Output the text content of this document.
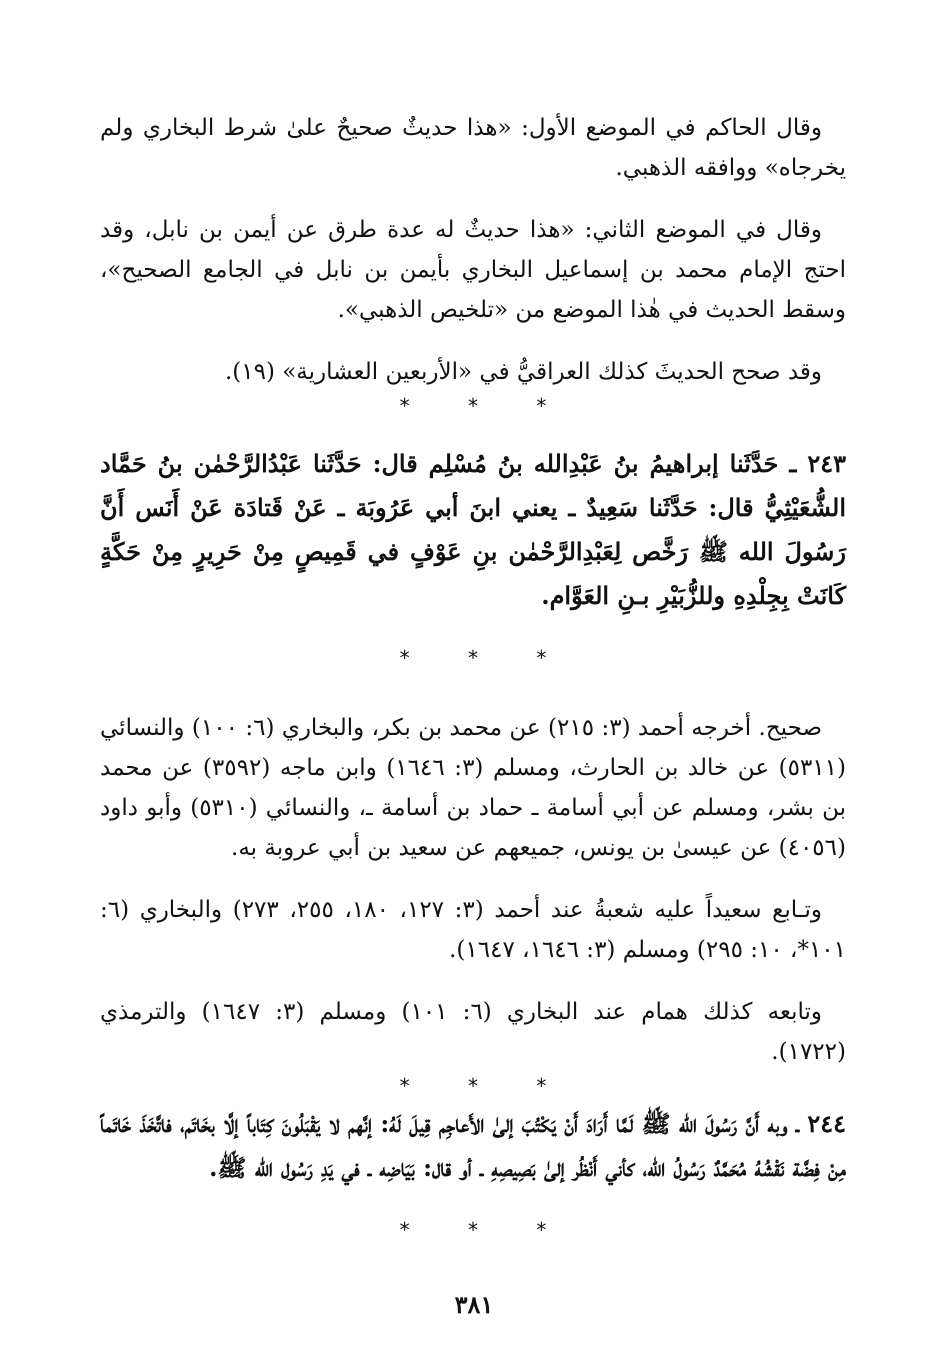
وقال الحاكم في الموضع الأول: «هذا حديثٌ صحيحٌ علىٰ شرط البخاري ولم يخرجاه» ووافقه الذهبي.

وقال في الموضع الثاني: «هذا حديثٌ له عدة طرق عن أيمن بن نابل، وقد احتج الإمام محمد بن إسماعيل البخاري بأيمن بن نابل في الجامع الصحيح»، وسقط الحديث في هٰذا الموضع من «تلخيص الذهبي».

وقد صحح الحديثَ كذلك العراقيُّ في «الأربعين العشارية» (١٩).

* * *

٢٤٣ ـ حَدَّثَنا إبراهيمُ بنُ عَبْدِالله بنُ مُسْلِم قال: حَدَّثَنا عَبْدُالرَّحْمٰن بنُ حَمَّاد الشُّعَيْثِيُّ قال: حَدَّثَنا سَعِيدٌ ـ يعني ابنَ أبي عَرُوبَة ـ عَنْ قَتادَة عَنْ أَنَس أَنَّ رَسُولَ الله ﷺ رَخَّص لِعَبْدِالرَّحْمٰن بنِ عَوْفٍ في قَمِيصٍ مِنْ حَرِيرٍ مِنْ حَكَّةٍ كَانَتْ بِجِلْدِهِ وللزُّبَيْرِ بـنِ العَوَّام.

* * *

صحيح. أخرجه أحمد (٣: ٢١٥) عن محمد بن بكر، والبخاري (٦: ١٠٠) والنسائي (٥٣١١) عن خالد بن الحارث، ومسلم (٣: ١٦٤٦) وابن ماجه (٣٥٩٢) عن محمد بن بشر، ومسلم عن أبي أسامة ـ حماد بن أسامة ـ، والنسائي (٥٣١٠) وأبو داود (٤٠٥٦) عن عيسىٰ بن يونس، جميعهم عن سعيد بن أبي عروبة به.

وتـابع سعيداً عليه شعبةُ عند أحمد (٣: ١٢٧، ١٨٠، ٢٥٥، ٢٧٣) والبخاري (٦: ١٠١*، ١٠: ٢٩٥) ومسلم (٣: ١٦٤٦، ١٦٤٧).

وتابعه كذلك همام عند البخاري (٦: ١٠١) ومسلم (٣: ١٦٤٧) والترمذي (١٧٢٢).

* * *

٢٤٤ ـ وبه أَنَّ رَسُولَ الله ﷺ لَمَّا أَرَادَ أَنْ يَكْتُبَ إلىٰ الأَعاجِم قِيلَ لَهُ: إنَّهم لا يَقْبَلُونَ كِتَاباً إلَّا بخَاتَم، فاتَّخَذَ خَاتَماً مِنْ فِضَّة نَقْشُهُ مُحَمَّدٌ رَسُولُ الله، كأني أَنْظُر إلىٰ بَصِيصِهِ ـ أو قال: بَيَاضِه ـ في يَدِ رَسُول الله ﷺ.

* * *
٣٨١
